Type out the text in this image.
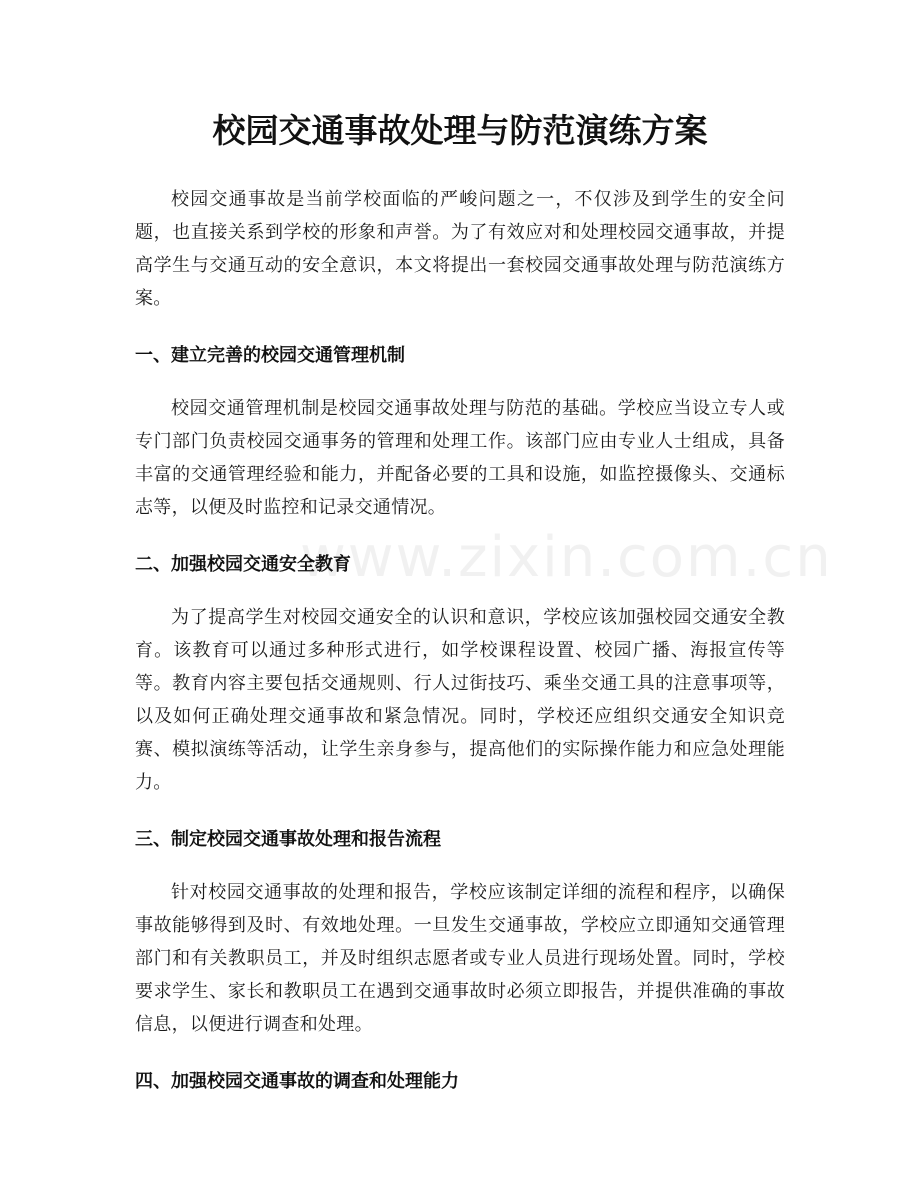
www.zixin.com.cn
校园交通事故处理与防范演练方案

校园交通事故是当前学校面临的严峻问题之一，不仅涉及到学生的安全问题，也直接关系到学校的形象和声誉。为了有效应对和处理校园交通事故，并提高学生与交通互动的安全意识，本文将提出一套校园交通事故处理与防范演练方案。

一、建立完善的校园交通管理机制

校园交通管理机制是校园交通事故处理与防范的基础。学校应当设立专人或专门部门负责校园交通事务的管理和处理工作。该部门应由专业人士组成，具备丰富的交通管理经验和能力，并配备必要的工具和设施，如监控摄像头、交通标志等，以便及时监控和记录交通情况。

二、加强校园交通安全教育

为了提高学生对校园交通安全的认识和意识，学校应该加强校园交通安全教育。该教育可以通过多种形式进行，如学校课程设置、校园广播、海报宣传等等。教育内容主要包括交通规则、行人过街技巧、乘坐交通工具的注意事项等，以及如何正确处理交通事故和紧急情况。同时，学校还应组织交通安全知识竞赛、模拟演练等活动，让学生亲身参与，提高他们的实际操作能力和应急处理能力。

三、制定校园交通事故处理和报告流程

针对校园交通事故的处理和报告，学校应该制定详细的流程和程序，以确保事故能够得到及时、有效地处理。一旦发生交通事故，学校应立即通知交通管理部门和有关教职员工，并及时组织志愿者或专业人员进行现场处置。同时，学校要求学生、家长和教职员工在遇到交通事故时必须立即报告，并提供准确的事故信息，以便进行调查和处理。

四、加强校园交通事故的调查和处理能力
